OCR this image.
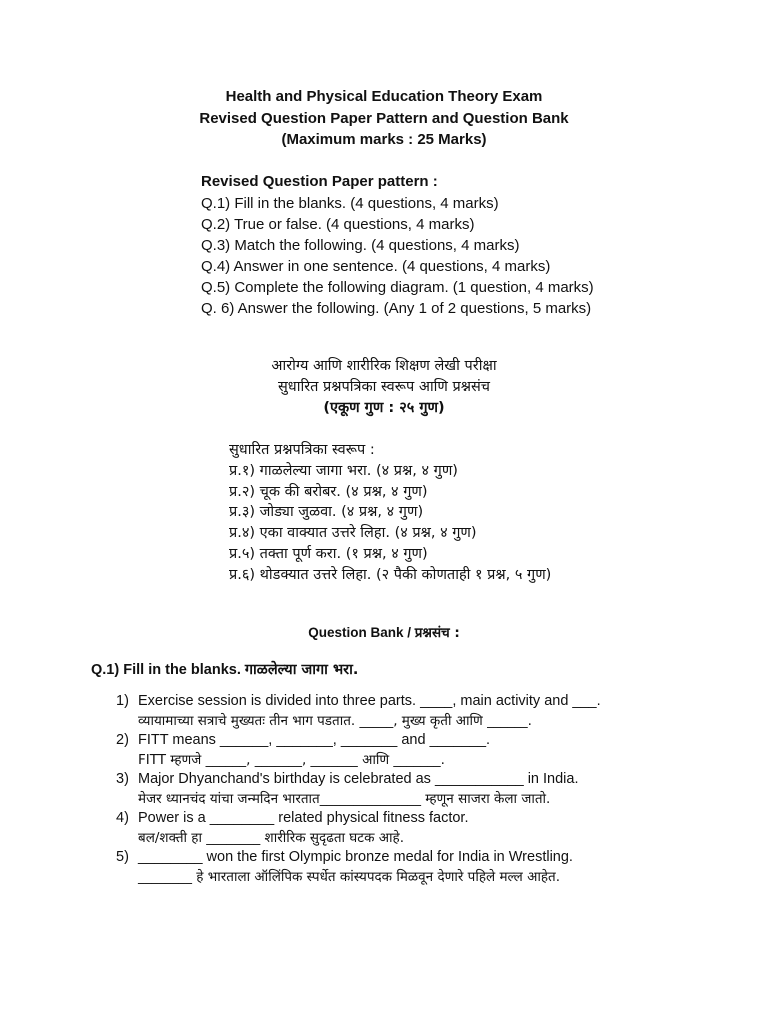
Health and Physical Education Theory Exam
Revised Question Paper Pattern and Question Bank
(Maximum marks : 25 Marks)
Revised Question Paper pattern :
Q.1) Fill in the blanks. (4 questions, 4 marks)
Q.2) True or false. (4 questions, 4 marks)
Q.3) Match the following. (4 questions, 4 marks)
Q.4) Answer in one sentence. (4 questions, 4 marks)
Q.5) Complete the following diagram. (1 question, 4 marks)
Q. 6) Answer the following. (Any 1 of 2 questions, 5 marks)
आरोग्य आणि शारीरिक शिक्षण लेखी परीक्षा
सुधारित प्रश्नपत्रिका स्वरूप आणि प्रश्नसंच
(एकूण गुण : २५ गुण)
सुधारित प्रश्नपत्रिका स्वरूप :
प्र.१) गाळलेल्या जागा भरा. (४ प्रश्न, ४ गुण)
प्र.२) चूक की बरोबर. (४ प्रश्न, ४ गुण)
प्र.३) जोड्या जुळवा. (४ प्रश्न, ४ गुण)
प्र.४) एका वाक्यात उत्तरे लिहा. (४ प्रश्न, ४ गुण)
प्र.५) तक्ता पूर्ण करा. (१ प्रश्न, ४ गुण)
प्र.६) थोडक्यात उत्तरे लिहा. (२ पैकी कोणताही १ प्रश्न, ५ गुण)
Question Bank / प्रश्नसंच :
Q.1) Fill in the blanks. गाळलेल्या जागा भरा.
1) Exercise session is divided into three parts. ____, main activity and ___.
व्यायामाच्या सत्राचे मुख्यतः तीन भाग पडतात. _____, मुख्य कृती आणि ______.
2) FITT means ______, _______, _______ and _______.
FITT म्हणजे ______, _______, _______ आणि _______.
3) Major Dhyanchand's birthday is celebrated as ___________ in India.
मेजर ध्यानचंद यांचा जन्मदिन भारतात_______________ म्हणून साजरा केला जातो.
4) Power is a ________ related physical fitness factor.
बल/शक्ती हा ________ शारीरिक सुदृढता घटक आहे.
5) ________ won the first Olympic bronze medal for India in Wrestling.
________ हे भारताला ऑलिंपिक स्पर्धेत कांस्यपदक मिळवून देणारे पहिले मल्ल आहेत.
